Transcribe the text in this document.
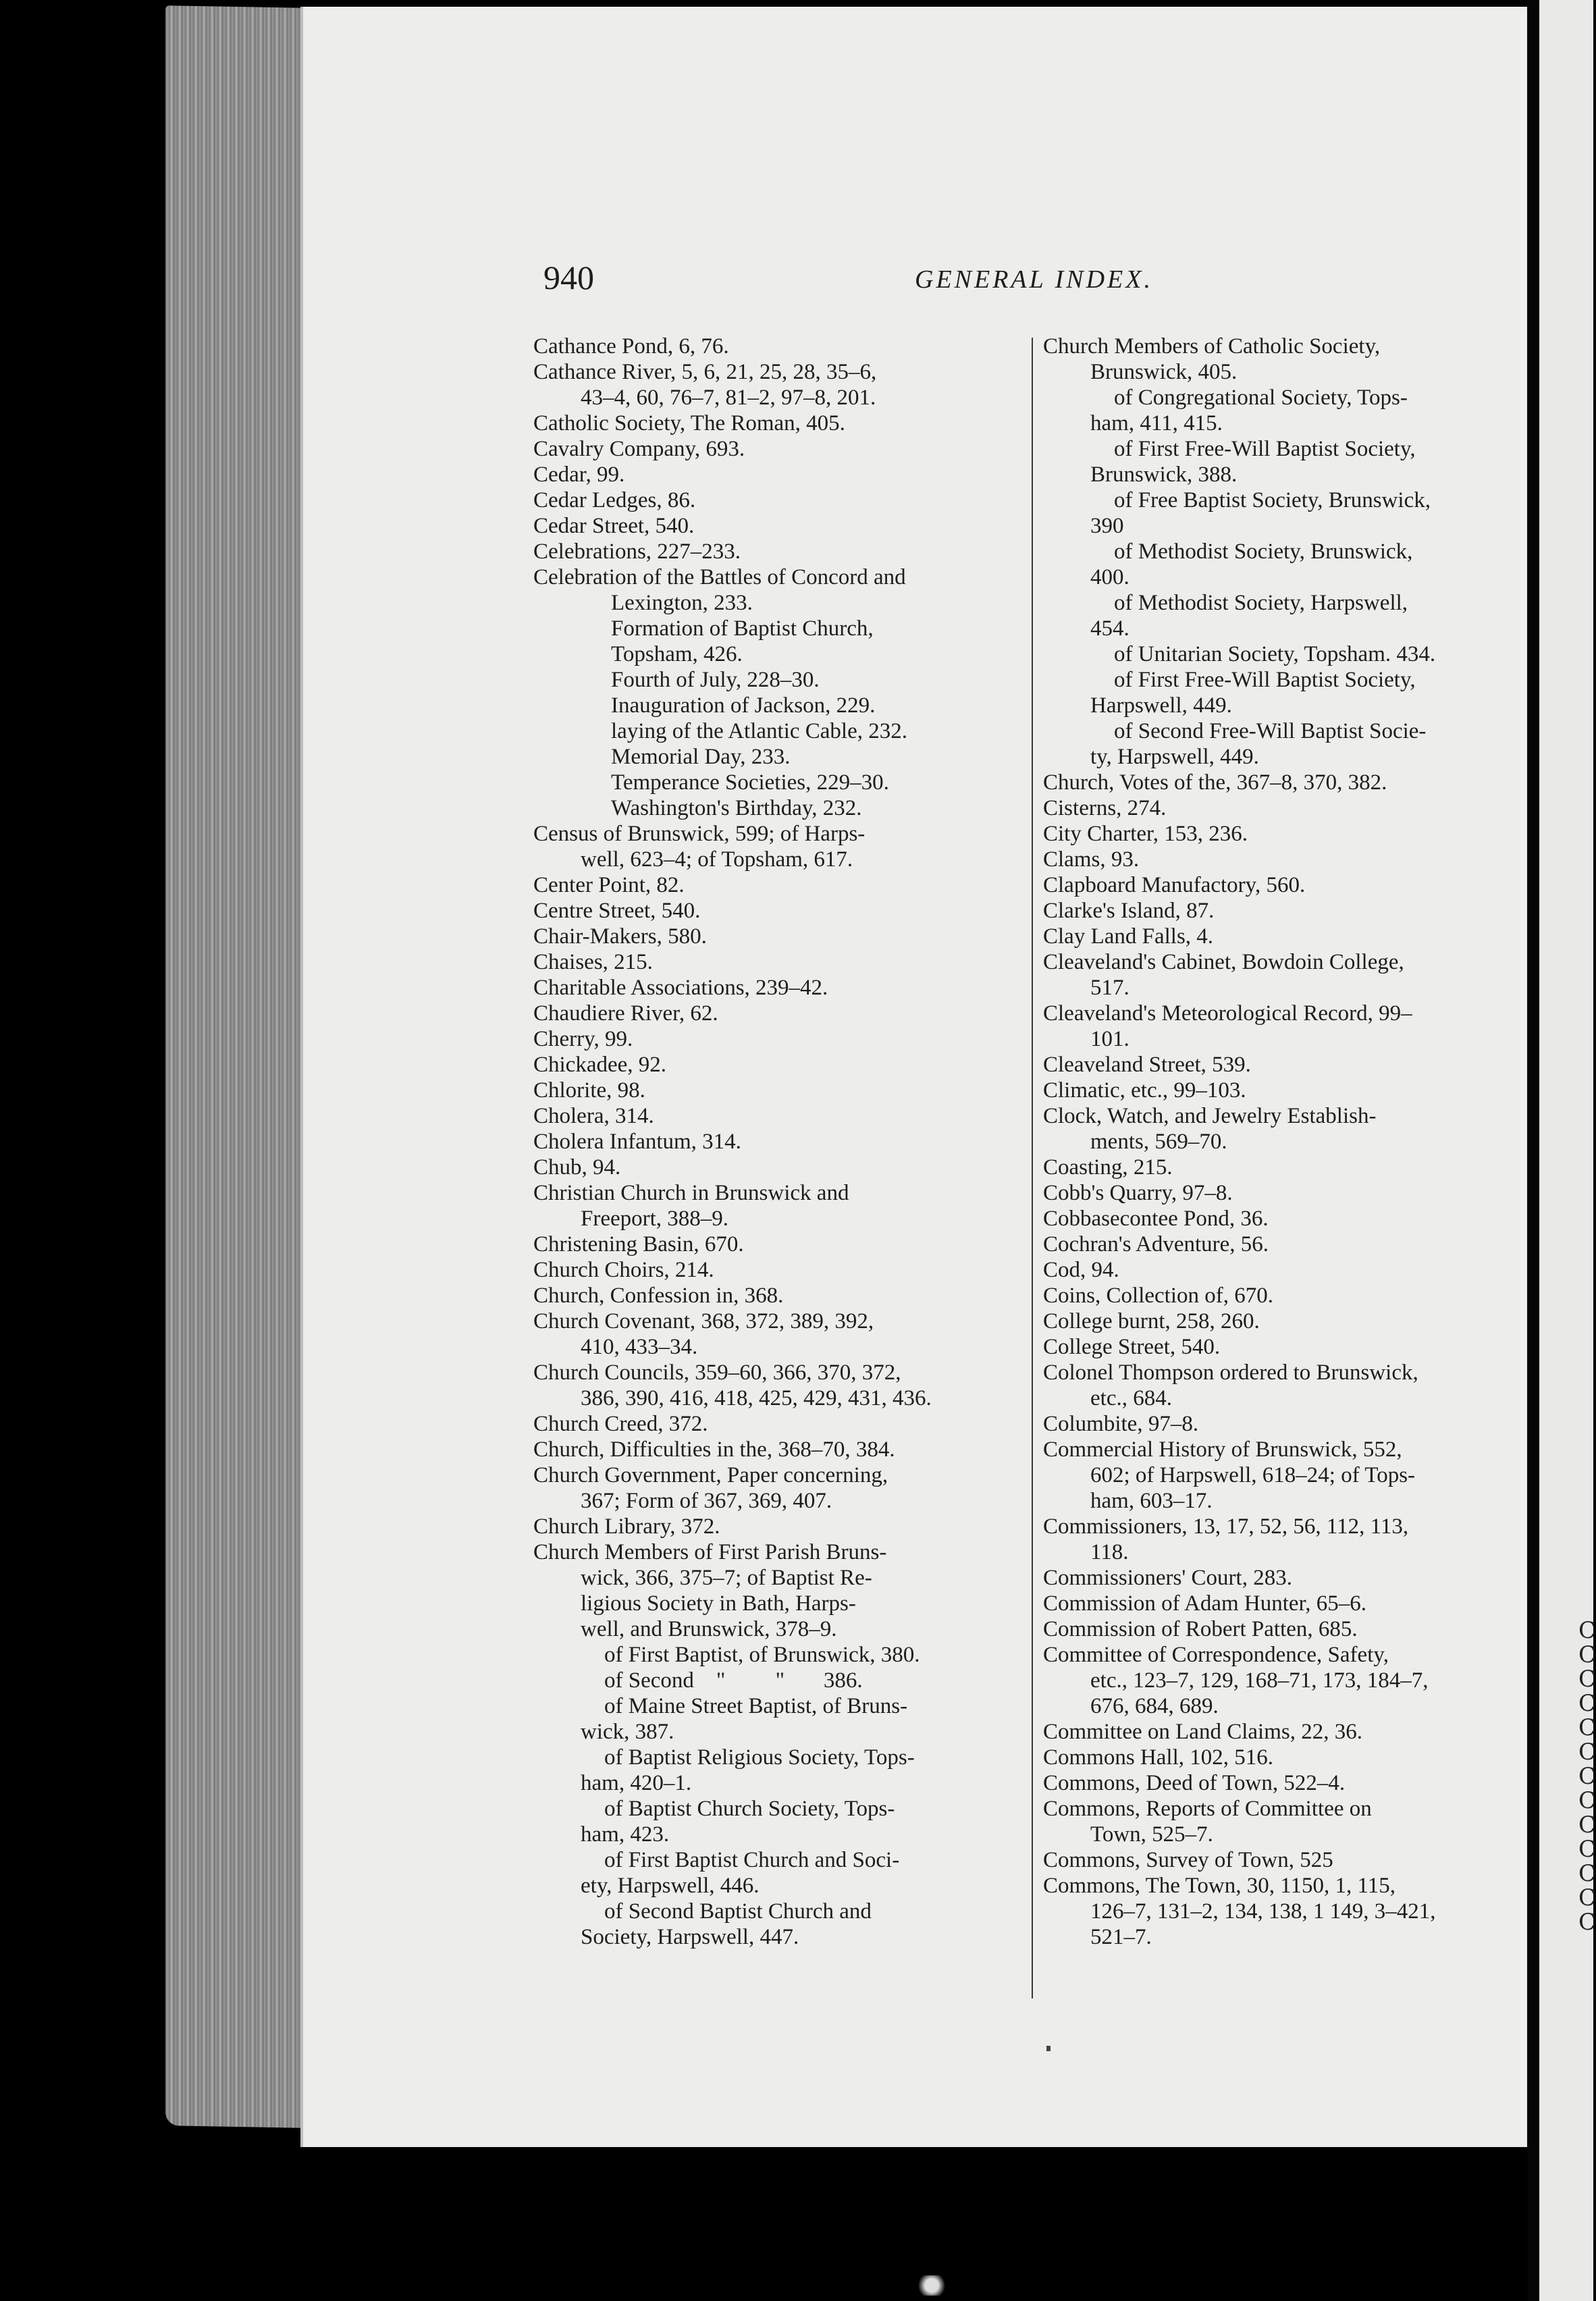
C
C
C
C
C
C
C
C
C
C
C
C
C
940	GENERAL INDEX.
Cathance Pond, 6, 76.
Cathance River, 5, 6, 21, 25, 28, 35–6,
43–4, 60, 76–7, 81–2, 97–8, 201.
Catholic Society, The Roman, 405.
Cavalry Company, 693.
Cedar, 99.
Cedar Ledges, 86.
Cedar Street, 540.
Celebrations, 227–233.
Celebration of the Battles of Concord and
Lexington, 233.
Formation of Baptist Church,
Topsham, 426.
Fourth of July, 228–30.
Inauguration of Jackson, 229.
laying of the Atlantic Cable, 232.
Memorial Day, 233.
Temperance Societies, 229–30.
Washington's Birthday, 232.
Census of Brunswick, 599; of Harps-
well, 623–4; of Topsham, 617.
Center Point, 82.
Centre Street, 540.
Chair-Makers, 580.
Chaises, 215.
Charitable Associations, 239–42.
Chaudiere River, 62.
Cherry, 99.
Chickadee, 92.
Chlorite, 98.
Cholera, 314.
Cholera Infantum, 314.
Chub, 94.
Christian Church in Brunswick and
Freeport, 388–9.
Christening Basin, 670.
Church Choirs, 214.
Church, Confession in, 368.
Church Covenant, 368, 372, 389, 392,
410, 433–34.
Church Councils, 359–60, 366, 370, 372,
386, 390, 416, 418, 425, 429, 431, 436.
Church Creed, 372.
Church, Difficulties in the, 368–70, 384.
Church Government, Paper concerning,
367; Form of 367, 369, 407.
Church Library, 372.
Church Members of First Parish Bruns-
wick, 366, 375–7; of Baptist Re-
ligious Society in Bath, Harps-
well, and Brunswick, 378–9.
of First Baptist, of Brunswick, 380.
of Second    "         "       386.
of Maine Street Baptist, of Bruns-
wick, 387.
of Baptist Religious Society, Tops-
ham, 420–1.
of Baptist Church Society, Tops-
ham, 423.
of First Baptist Church and Soci-
ety, Harpswell, 446.
of Second Baptist Church and
Society, Harpswell, 447.
Church Members of Catholic Society,
Brunswick, 405.
of Congregational Society, Tops-
ham, 411, 415.
of First Free-Will Baptist Society,
Brunswick, 388.
of Free Baptist Society, Brunswick,
390
of Methodist Society, Brunswick,
400.
of Methodist Society, Harpswell,
454.
of Unitarian Society, Topsham. 434.
of First Free-Will Baptist Society,
Harpswell, 449.
of Second Free-Will Baptist Socie-
ty, Harpswell, 449.
Church, Votes of the, 367–8, 370, 382.
Cisterns, 274.
City Charter, 153, 236.
Clams, 93.
Clapboard Manufactory, 560.
Clarke's Island, 87.
Clay Land Falls, 4.
Cleaveland's Cabinet, Bowdoin College,
517.
Cleaveland's Meteorological Record, 99–
101.
Cleaveland Street, 539.
Climatic, etc., 99–103.
Clock, Watch, and Jewelry Establish-
ments, 569–70.
Coasting, 215.
Cobb's Quarry, 97–8.
Cobbasecontee Pond, 36.
Cochran's Adventure, 56.
Cod, 94.
Coins, Collection of, 670.
College burnt, 258, 260.
College Street, 540.
Colonel Thompson ordered to Brunswick,
etc., 684.
Columbite, 97–8.
Commercial History of Brunswick, 552,
602; of Harpswell, 618–24; of Tops-
ham, 603–17.
Commissioners, 13, 17, 52, 56, 112, 113,
118.
Commissioners' Court, 283.
Commission of Adam Hunter, 65–6.
Commission of Robert Patten, 685.
Committee of Correspondence, Safety,
etc., 123–7, 129, 168–71, 173, 184–7,
676, 684, 689.
Committee on Land Claims, 22, 36.
Commons Hall, 102, 516.
Commons, Deed of Town, 522–4.
Commons, Reports of Committee on
Town, 525–7.
Commons, Survey of Town, 525
Commons, The Town, 30, 1150, 1, 115,
126–7, 131–2, 134, 138, 1 149, 3–421,
521–7.
